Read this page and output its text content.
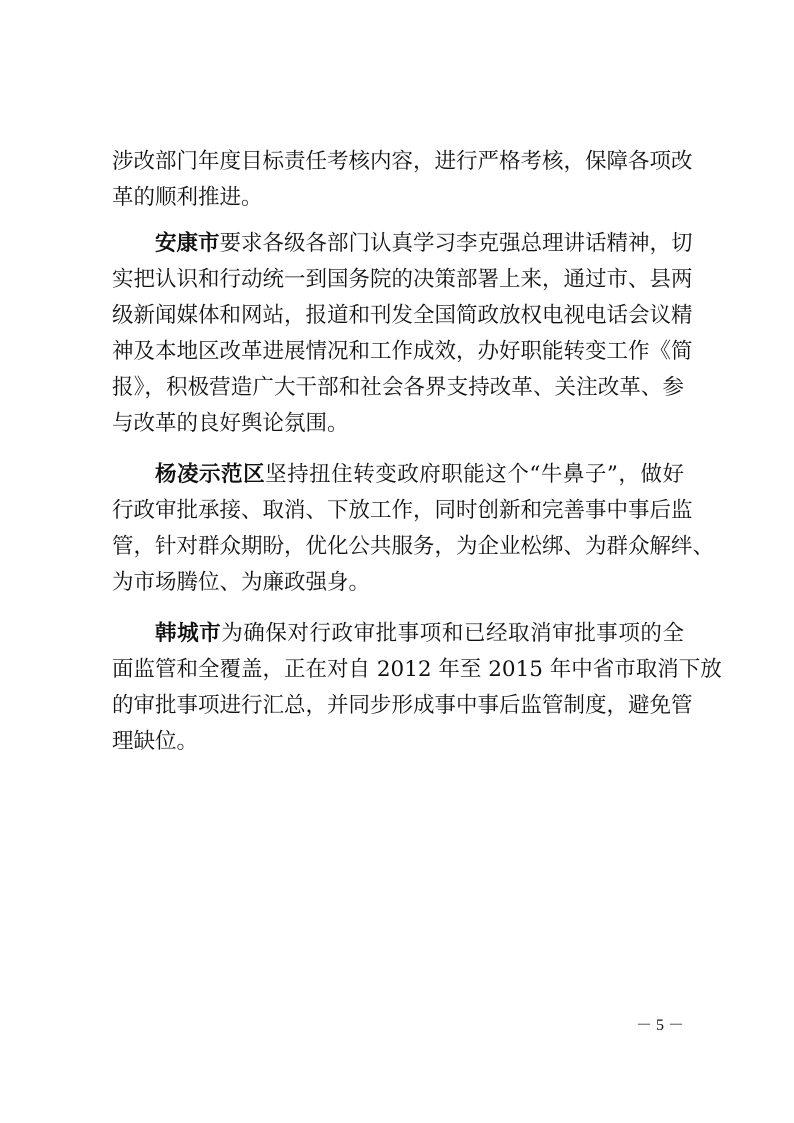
涉改部门年度目标责任考核内容，进行严格考核，保障各项改
革的顺利推进。
安康市要求各级各部门认真学习李克强总理讲话精神，切
实把认识和行动统一到国务院的决策部署上来，通过市、县两
级新闻媒体和网站，报道和刊发全国简政放权电视电话会议精
神及本地区改革进展情况和工作成效，办好职能转变工作《简
报》，积极营造广大干部和社会各界支持改革、关注改革、参
与改革的良好舆论氛围。
杨凌示范区坚持扭住转变政府职能这个“牛鼻子”，做好
行政审批承接、取消、下放工作，同时创新和完善事中事后监
管，针对群众期盼，优化公共服务，为企业松绑、为群众解绊、
为市场腾位、为廉政强身。
韩城市为确保对行政审批事项和已经取消审批事项的全
面监管和全覆盖，正在对自 2012 年至 2015 年中省市取消下放
的审批事项进行汇总，并同步形成事中事后监管制度，避免管
理缺位。
－ 5 －
